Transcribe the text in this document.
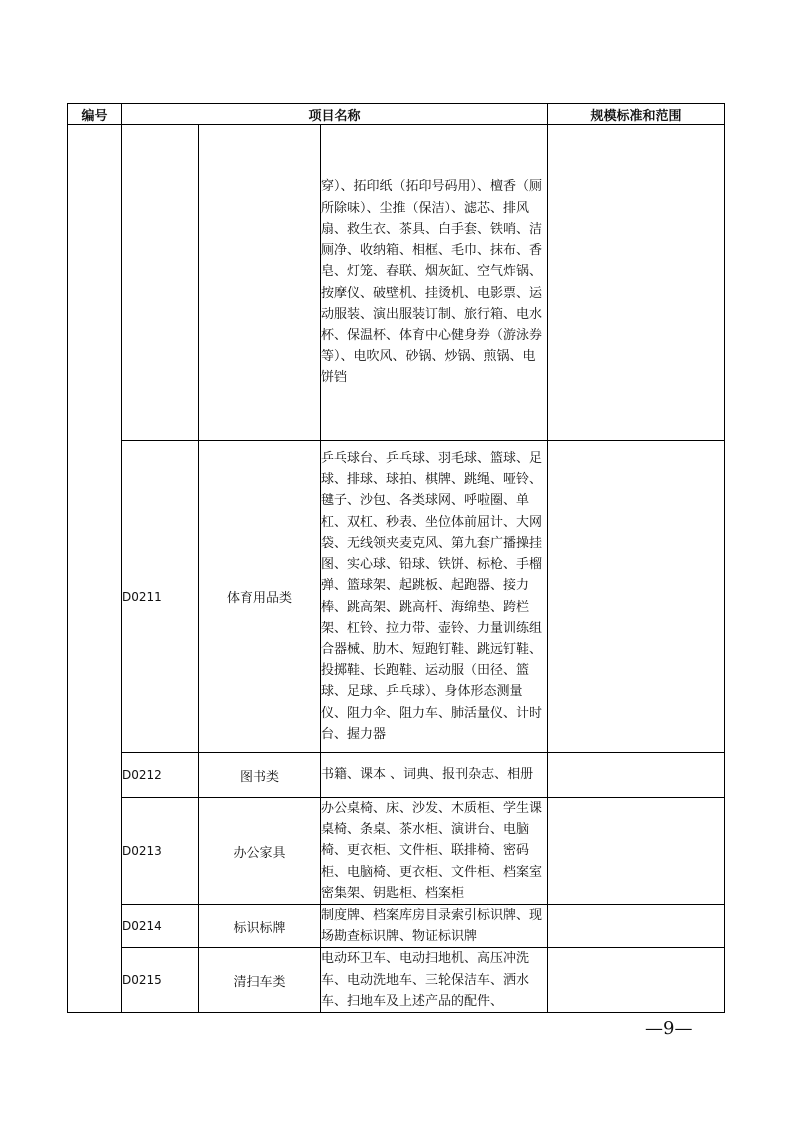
编号	项目名称			规模标准和范围
			穿）、拓印纸（拓印号码用）、檀香（厕所除味）、尘推（保洁）、滤芯、排风扇、救生衣、茶具、白手套、铁哨、洁厕净、收纳箱、相框、毛巾、抹布、香皂、灯笼、春联、烟灰缸、空气炸锅、按摩仪、破壁机、挂烫机、电影票、运动服装、演出服装订制、旅行箱、电水杯、保温杯、体育中心健身券（游泳券等）、电吹风、砂锅、炒锅、煎锅、电饼铛	
	D0211	体育用品类	乒乓球台、乒乓球、羽毛球、篮球、足球、排球、球拍、棋牌、跳绳、哑铃、毽子、沙包、各类球网、呼啦圈、单杠、双杠、秒表、坐位体前屈计、大网袋、无线领夹麦克风、第九套广播操挂图、实心球、铅球、铁饼、标枪、手榴弹、篮球架、起跳板、起跑器、接力棒、跳高架、跳高杆、海绵垫、跨栏架、杠铃、拉力带、壶铃、力量训练组合器械、肋木、短跑钉鞋、跳远钉鞋、投掷鞋、长跑鞋、运动服（田径、篮球、足球、乒乓球）、身体形态测量仪、阻力伞、阻力车、肺活量仪、计时台、握力器	
	D0212	图书类	书籍、课本 、词典、报刊杂志、相册	
	D0213	办公家具	办公桌椅、床、沙发、木质柜、学生课桌椅、条桌、茶水柜、演讲台、电脑椅、更衣柜、文件柜、联排椅、密码柜、电脑椅、更衣柜、文件柜、档案室密集架、钥匙柜、档案柜	
	D0214	标识标牌	制度牌、档案库房目录索引标识牌、现场勘查标识牌、物证标识牌	
	D0215	清扫车类	电动环卫车、电动扫地机、高压冲洗车、电动洗地车、三轮保洁车、洒水车、扫地车及上述产品的配件、	
—9—
